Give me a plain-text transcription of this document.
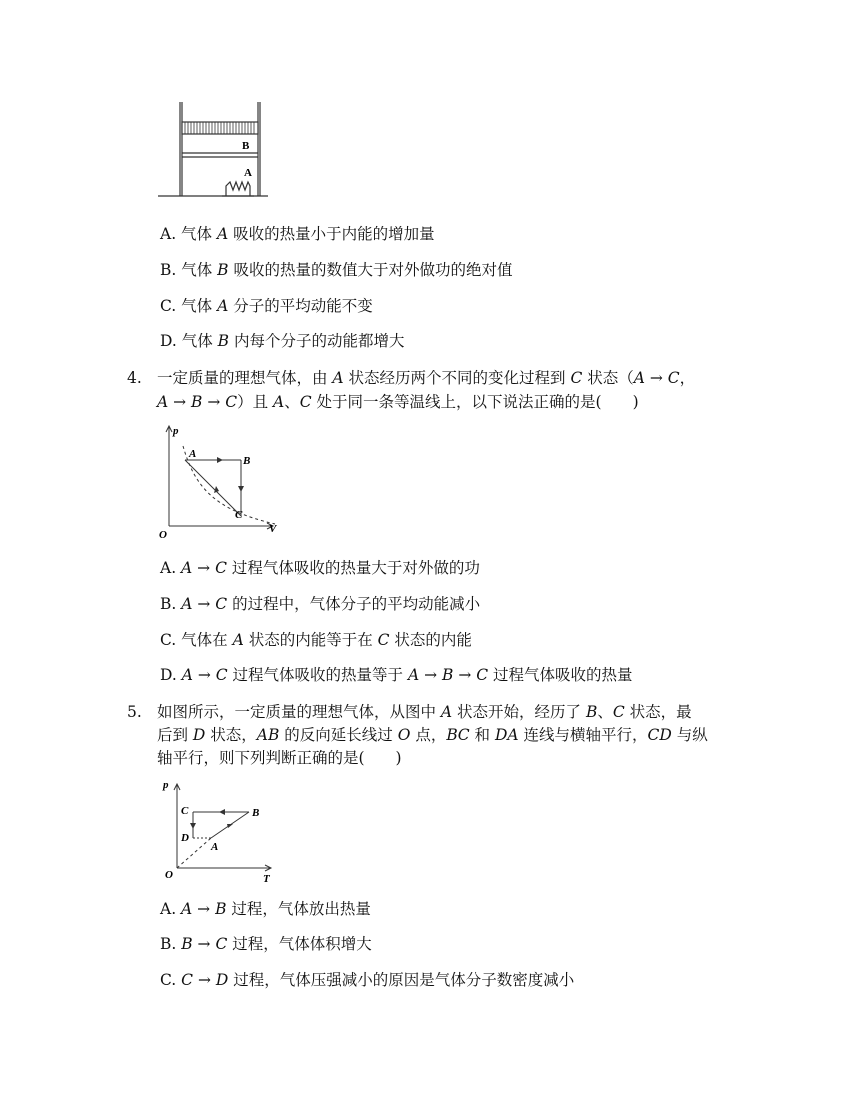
B
A
A. 气体 𝐴 吸收的热量小于内能的增加量
B. 气体 𝐵 吸收的热量的数值大于对外做功的绝对值
C. 气体 𝐴 分子的平均动能不变
D. 气体 𝐵 内每个分子的动能都增大
4. 一定质量的理想气体，由 𝐴 状态经历两个不同的变化过程到 𝐶 状态（𝐴 → 𝐶，
𝐴 → 𝐵 → 𝐶）且 𝐴、𝐶 处于同一条等温线上，以下说法正确的是(　　)
p
V
O
A
B
C
A. 𝐴 → 𝐶 过程气体吸收的热量大于对外做的功
B. 𝐴 → 𝐶 的过程中，气体分子的平均动能减小
C. 气体在 𝐴 状态的内能等于在 𝐶 状态的内能
D. 𝐴 → 𝐶 过程气体吸收的热量等于 𝐴 → 𝐵 → 𝐶 过程气体吸收的热量
5. 如图所示，一定质量的理想气体，从图中 𝐴 状态开始，经历了 𝐵、𝐶 状态，最
后到 𝐷 状态，𝐴𝐵 的反向延长线过 𝑂 点，𝐵𝐶 和 𝐷𝐴 连线与横轴平行，𝐶𝐷 与纵
轴平行，则下列判断正确的是(　　)
p
T
O
A
B
C
D
A. 𝐴 → 𝐵 过程，气体放出热量
B. 𝐵 → 𝐶 过程，气体体积增大
C. 𝐶 → 𝐷 过程，气体压强减小的原因是气体分子数密度减小
